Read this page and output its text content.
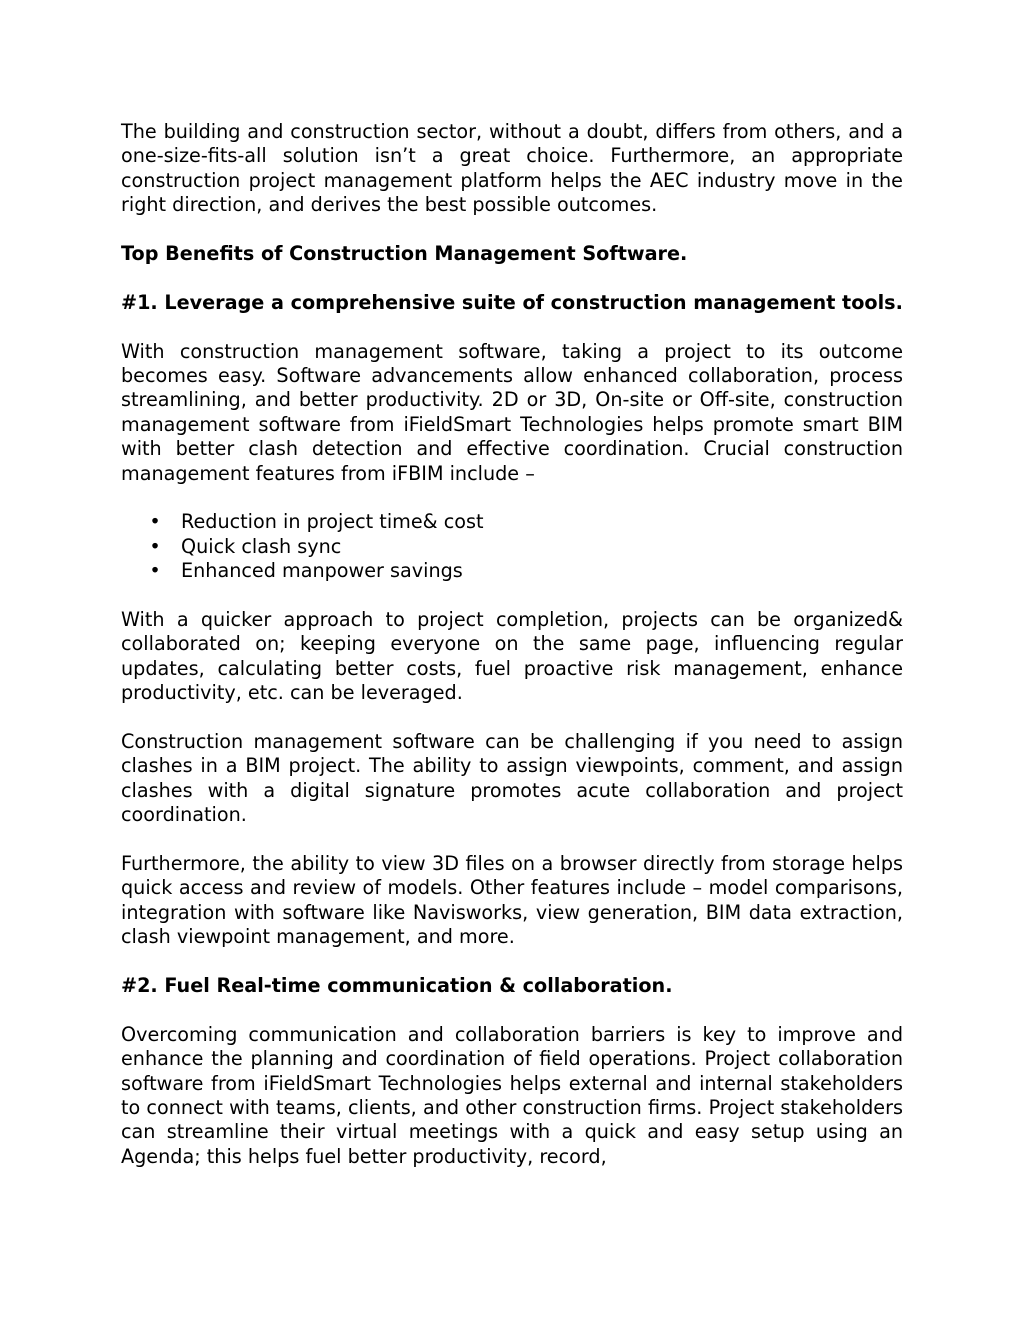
The building and construction sector, without a doubt, differs from others, and a one-size-fits-all solution isn’t a great choice. Furthermore, an appropriate construction project management platform helps the AEC industry move in the right direction, and derives the best possible outcomes.

Top Benefits of Construction Management Software.

#1. Leverage a comprehensive suite of construction management tools.

With construction management software, taking a project to its outcome becomes easy. Software advancements allow enhanced collaboration, process streamlining, and better productivity. 2D or 3D, On-site or Off-site, construction management software from iFieldSmart Technologies helps promote smart BIM with better clash detection and effective coordination. Crucial construction management features from iFBIM include –

• Reduction in project time& cost
• Quick clash sync
• Enhanced manpower savings

With a quicker approach to project completion, projects can be organized& collaborated on; keeping everyone on the same page, influencing regular updates, calculating better costs, fuel proactive risk management, enhance productivity, etc. can be leveraged.

Construction management software can be challenging if you need to assign clashes in a BIM project. The ability to assign viewpoints, comment, and assign clashes with a digital signature promotes acute collaboration and project coordination.

Furthermore, the ability to view 3D files on a browser directly from storage helps quick access and review of models. Other features include – model comparisons, integration with software like Navisworks, view generation, BIM data extraction, clash viewpoint management, and more.

#2. Fuel Real-time communication & collaboration.

Overcoming communication and collaboration barriers is key to improve and enhance the planning and coordination of field operations. Project collaboration software from iFieldSmart Technologies helps external and internal stakeholders to connect with teams, clients, and other construction firms. Project stakeholders can streamline their virtual meetings with a quick and easy setup using an Agenda; this helps fuel better productivity, record,
